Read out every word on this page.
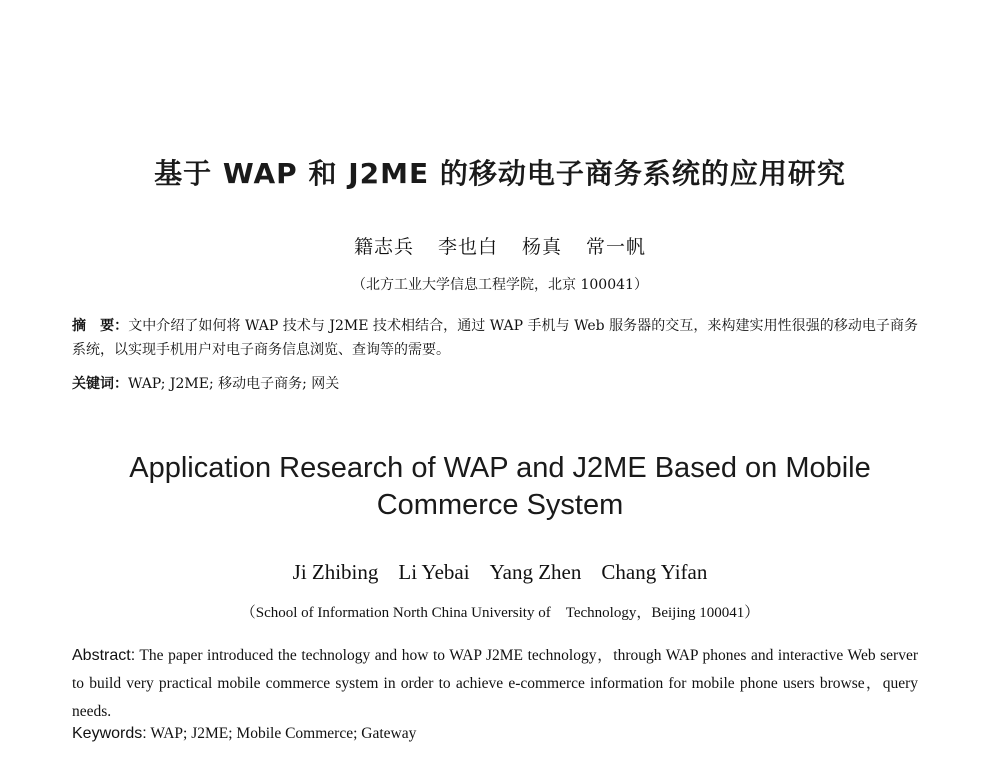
基于 WAP 和 J2ME 的移动电子商务系统的应用研究
籍志兵 李也白 杨真 常一帆
（北方工业大学信息工程学院，北京 100041）

摘　要：文中介绍了如何将 WAP 技术与 J2ME 技术相结合，通过 WAP 手机与 Web 服务器的交互，来构建实用性很强的移动电子商务系统，以实现手机用户对电子商务信息浏览、查询等的需要。

关键词：WAP; J2ME; 移动电子商务; 网关

Application Research of WAP and J2ME Based on Mobile
Commerce System
Ji Zhibing Li Yebai Yang Zhen Chang Yifan
（School of Information North China University of　Technology，Beijing 100041）

Abstract: The paper introduced the technology and how to WAP J2ME technology，through WAP phones and interactive Web server to build very practical mobile commerce system in order to achieve e-commerce information for mobile phone users browse，query needs.

Keywords: WAP; J2ME; Mobile Commerce; Gateway
